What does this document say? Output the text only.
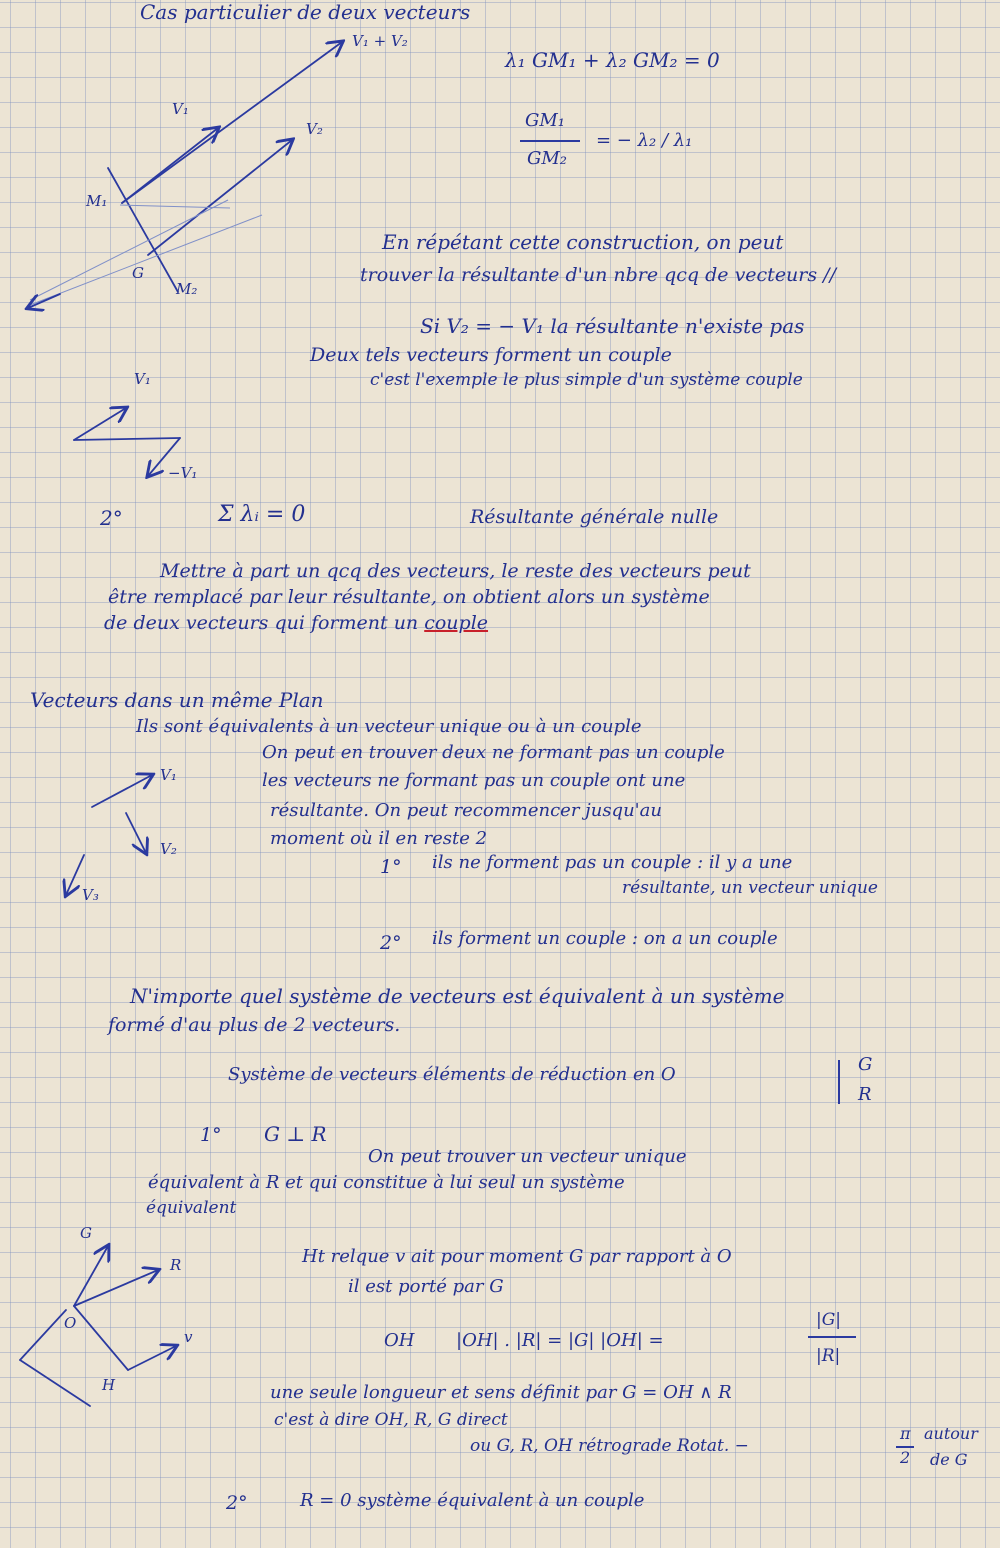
Cas particulier de deux vecteurs
V₁ + V₂
V₁
V₂
M₁
G
M₂
λ₁ GM₁ + λ₂ GM₂ = 0
GM₁
GM₂
= − λ₂ / λ₁
En répétant cette construction, on peut
trouver la résultante d'un nbre qcq de vecteurs //
Si V₂ = − V₁ la résultante n'existe pas
Deux tels vecteurs forment un couple
c'est l'exemple le plus simple d'un système couple
V₁
−V₁
2°	Σ λᵢ = 0	Résultante générale nulle
Mettre à part un qcq des vecteurs, le reste des vecteurs peut
être remplacé par leur résultante, on obtient alors un système
de deux vecteurs qui forment un couple
Vecteurs dans un même Plan
Ils sont équivalents à un vecteur unique ou à un couple
On peut en trouver deux ne formant pas un couple
les vecteurs ne formant pas un couple ont une
résultante. On peut recommencer jusqu'au
moment où il en reste 2
1° ils ne forment pas un couple : il y a une
résultante, un vecteur unique
2° ils forment un couple : on a un couple
V₁
V₂
V₃
N'importe quel système de vecteurs est équivalent à un système
formé d'au plus de 2 vecteurs.
Système de vecteurs éléments de réduction en O	G
R
1° G ⊥ R
On peut trouver un vecteur unique
équivalent à R et qui constitue à lui seul un système
équivalent
Ht relque v ait pour moment G par rapport à O
il est porté par G
OH |OH| . |R| = |G| |OH| =
|G|
|R|
une seule longueur et sens définit par G = OH ∧ R
c'est à dire OH, R, G direct
ou G, R, OH rétrograde Rotat. −
π
2
autour
de G
2°	R = 0 système équivalent à un couple
G
R
O
v
H
